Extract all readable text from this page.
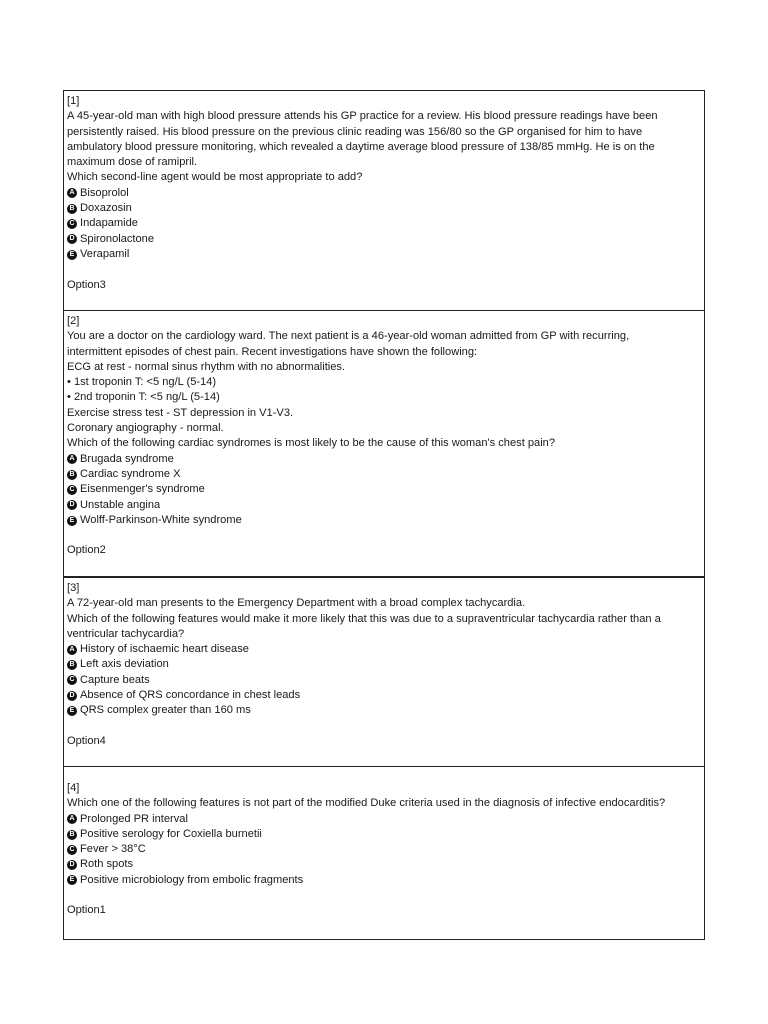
[1]
A 45-year-old man with high blood pressure attends his GP practice for a review. His blood pressure readings have been
persistently raised. His blood pressure on the previous clinic reading was 156/80 so the GP organised for him to have
ambulatory blood pressure monitoring, which revealed a daytime average blood pressure of 138/85 mmHg. He is on the
maximum dose of ramipril.
Which second-line agent would be most appropriate to add?
A Bisoprolol
B Doxazosin
C Indapamide
D Spironolactone
E Verapamil
Option3
[2]
You are a doctor on the cardiology ward. The next patient is a 46-year-old woman admitted from GP with recurring,
intermittent episodes of chest pain. Recent investigations have shown the following:
ECG at rest - normal sinus rhythm with no abnormalities.
• 1st troponin T: <5 ng/L (5-14)
• 2nd troponin T: <5 ng/L (5-14)
Exercise stress test - ST depression in V1-V3.
Coronary angiography - normal.
Which of the following cardiac syndromes is most likely to be the cause of this woman's chest pain?
A Brugada syndrome
B Cardiac syndrome X
C Eisenmenger's syndrome
D Unstable angina
E Wolff-Parkinson-White syndrome
Option2
[3]
A 72-year-old man presents to the Emergency Department with a broad complex tachycardia.
Which of the following features would make it more likely that this was due to a supraventricular tachycardia rather than a
ventricular tachycardia?
A History of ischaemic heart disease
B Left axis deviation
C Capture beats
D Absence of QRS concordance in chest leads
E QRS complex greater than 160 ms
Option4
[4]
Which one of the following features is not part of the modified Duke criteria used in the diagnosis of infective endocarditis?
A Prolonged PR interval
B Positive serology for Coxiella burnetii
C Fever > 38°C
D Roth spots
E Positive microbiology from embolic fragments
Option1
